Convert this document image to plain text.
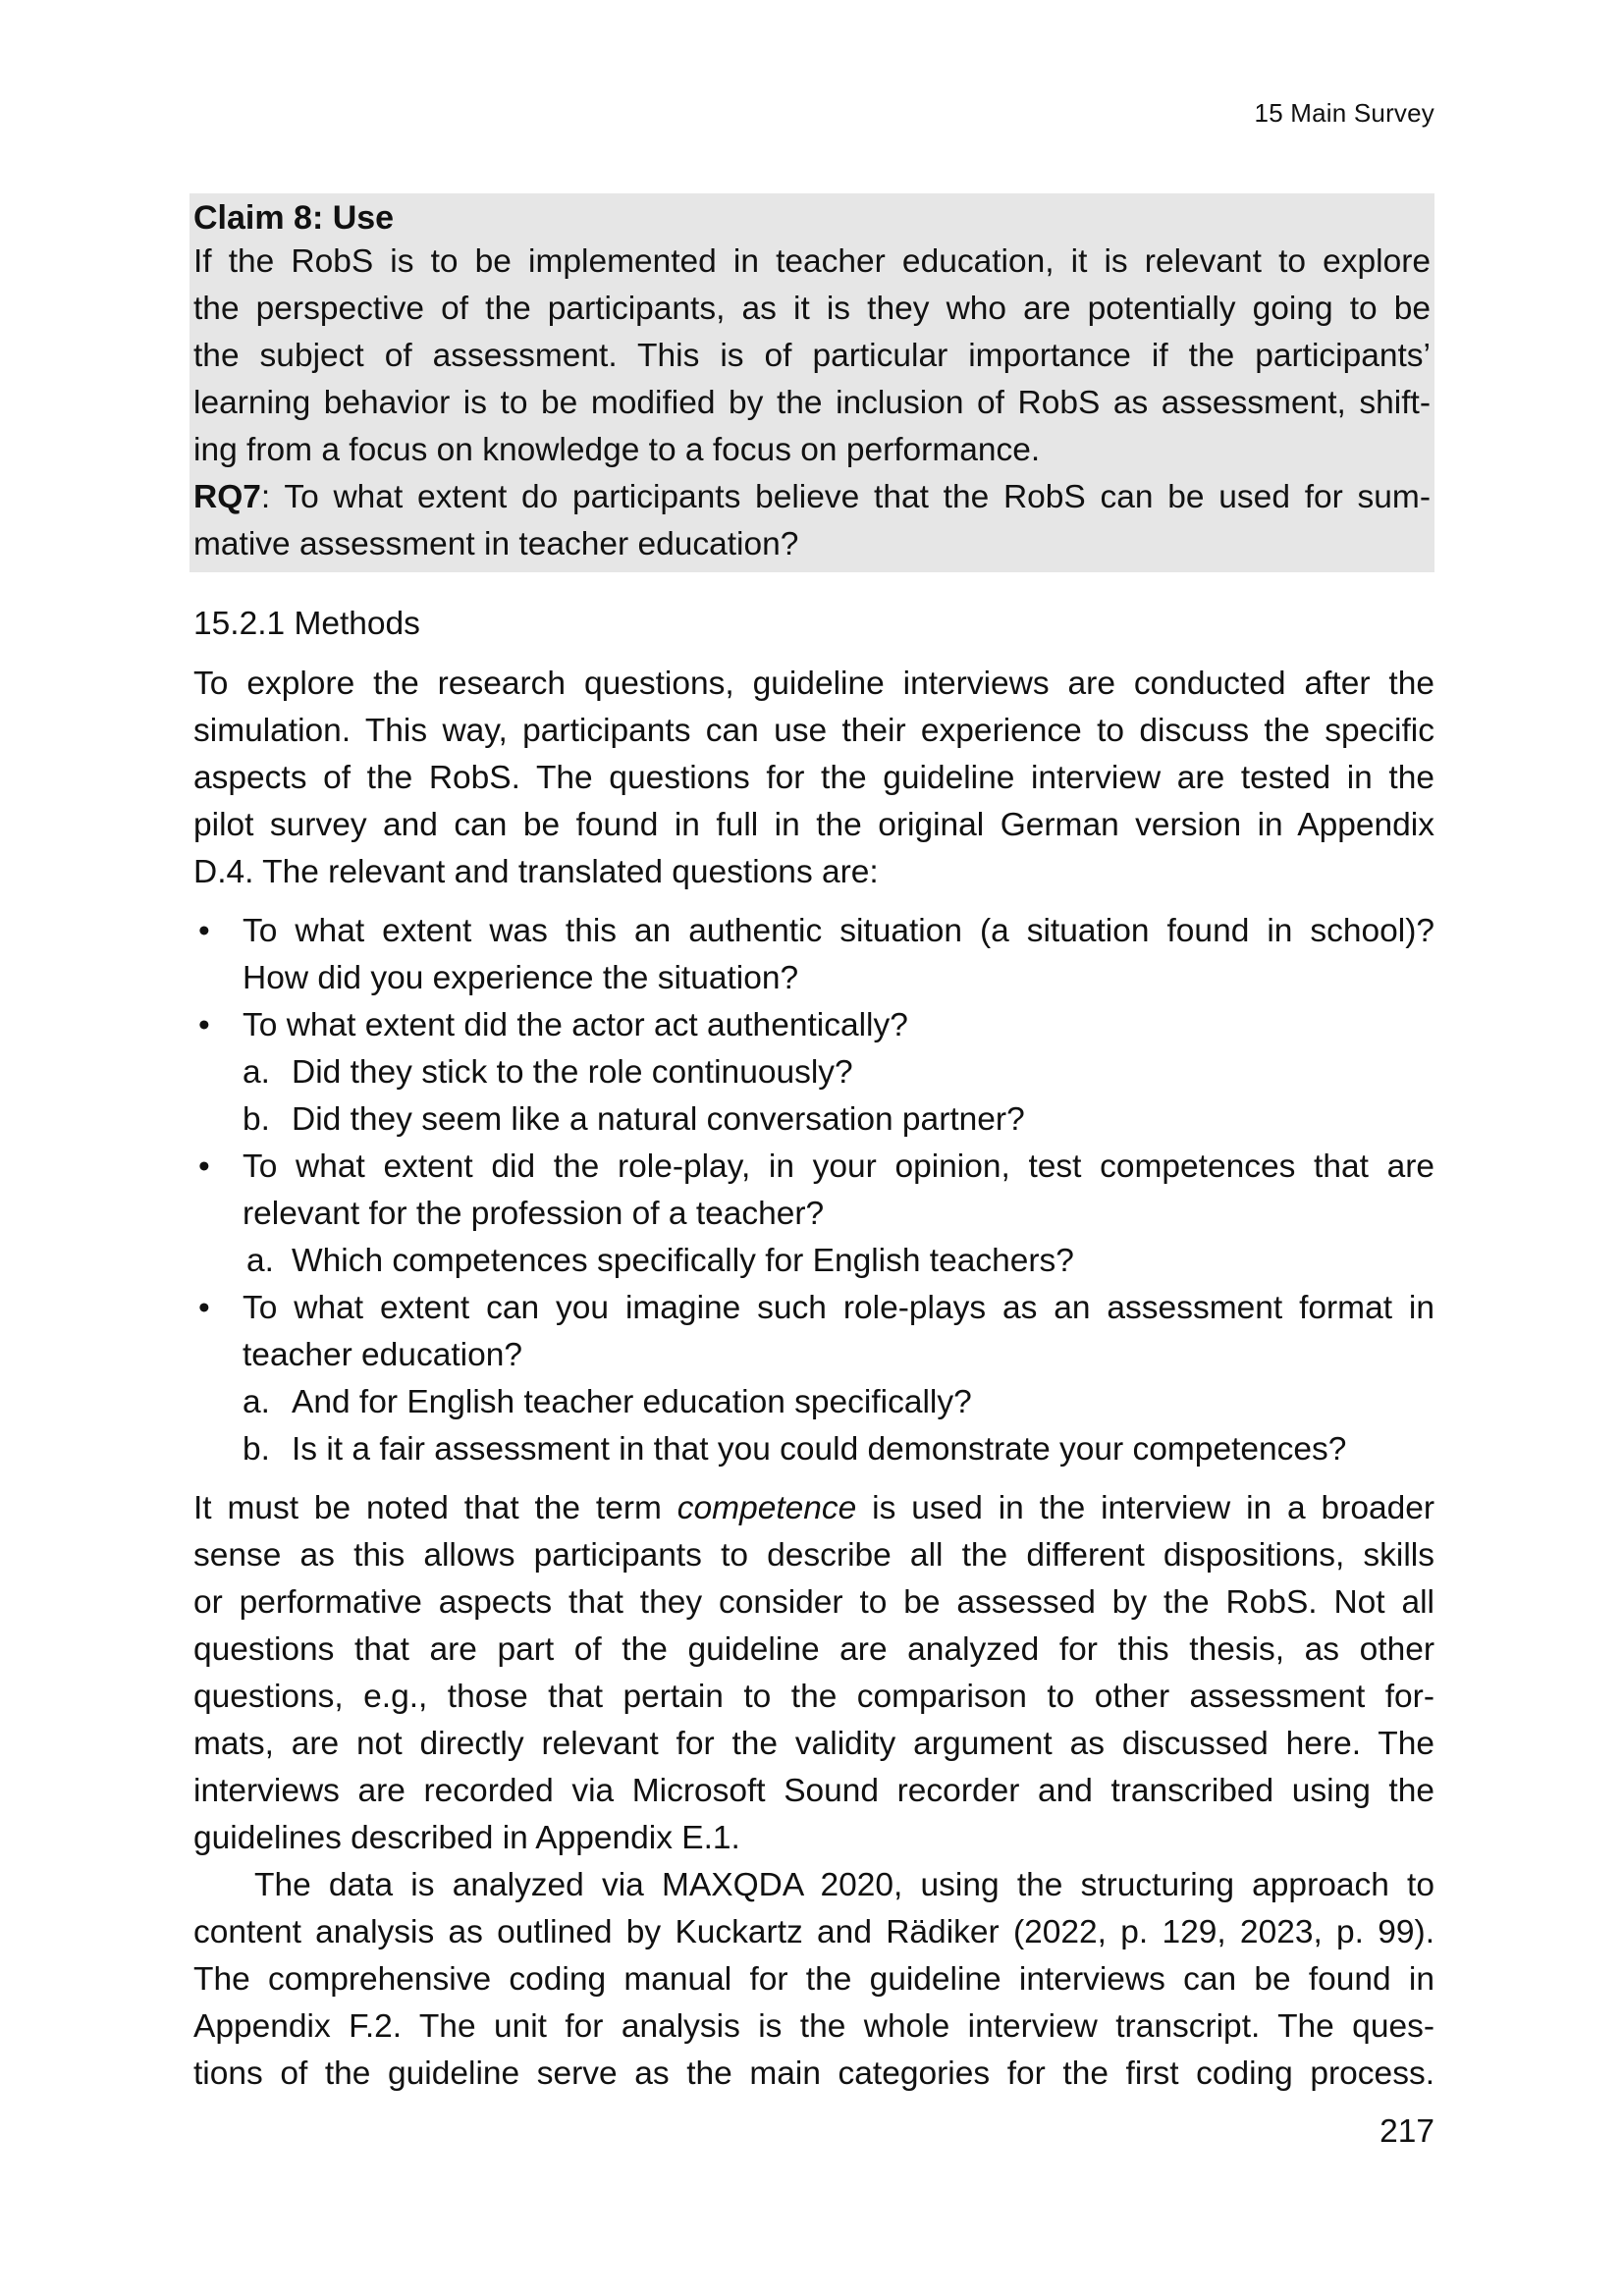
15 Main Survey
Claim 8: Use
If the RobS is to be implemented in teacher education, it is relevant to explore
the perspective of the participants, as it is they who are potentially going to be
the subject of assessment. This is of particular importance if the participants’
learning behavior is to be modified by the inclusion of RobS as assessment, shift-
ing from a focus on knowledge to a focus on performance.
RQ7: To what extent do participants believe that the RobS can be used for sum-
mative assessment in teacher education?
15.2.1 Methods
To explore the research questions, guideline interviews are conducted after the
simulation. This way, participants can use their experience to discuss the specific
aspects of the RobS. The questions for the guideline interview are tested in the
pilot survey and can be found in full in the original German version in Appendix
D.4. The relevant and translated questions are:
• To what extent was this an authentic situation (a situation found in school)?
How did you experience the situation?
• To what extent did the actor act authentically?
a. Did they stick to the role continuously?
b. Did they seem like a natural conversation partner?
• To what extent did the role-play, in your opinion, test competences that are
relevant for the profession of a teacher?
a. Which competences specifically for English teachers?
• To what extent can you imagine such role-plays as an assessment format in
teacher education?
a. And for English teacher education specifically?
b. Is it a fair assessment in that you could demonstrate your competences?
It must be noted that the term competence is used in the interview in a broader
sense as this allows participants to describe all the different dispositions, skills
or performative aspects that they consider to be assessed by the RobS. Not all
questions that are part of the guideline are analyzed for this thesis, as other
questions, e.g., those that pertain to the comparison to other assessment for-
mats, are not directly relevant for the validity argument as discussed here. The
interviews are recorded via Microsoft Sound recorder and transcribed using the
guidelines described in Appendix E.1.
The data is analyzed via MAXQDA 2020, using the structuring approach to
content analysis as outlined by Kuckartz and Rädiker (2022, p. 129, 2023, p. 99).
The comprehensive coding manual for the guideline interviews can be found in
Appendix F.2. The unit for analysis is the whole interview transcript. The ques-
tions of the guideline serve as the main categories for the first coding process.
217
